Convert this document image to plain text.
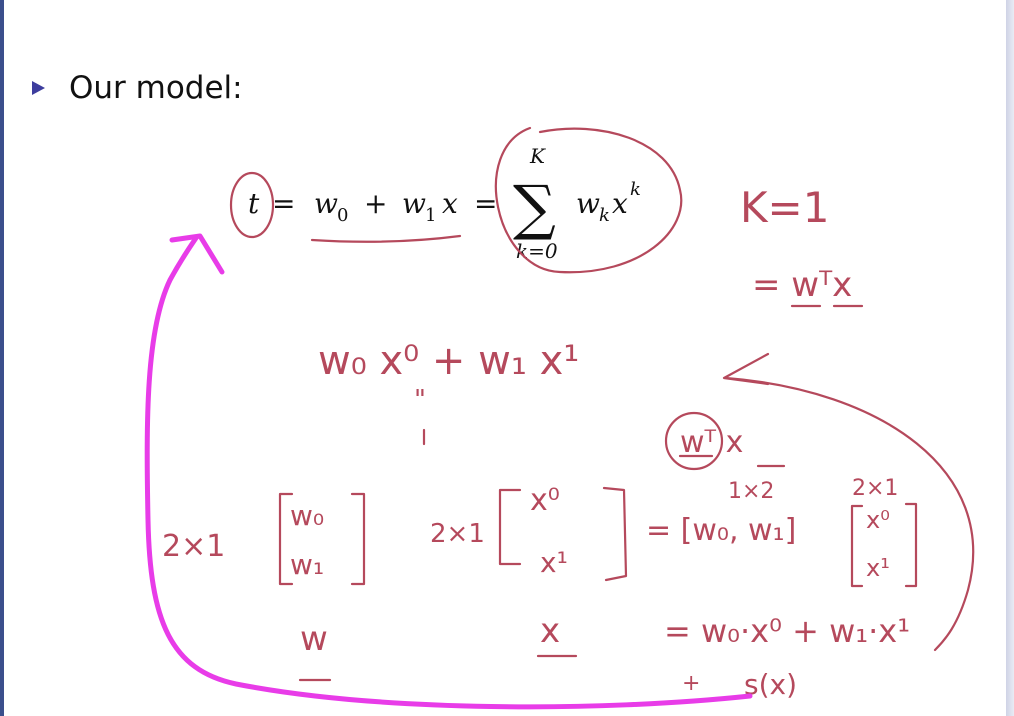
Our model:
t = w 0 + w 1 x =
K
∑
k=0
w k x k K=1
= wᵀx
w₀ x⁰ + w₁ x¹
"
wᵀ x
2×1
w₀
w₁
w
2×1
x⁰
x¹
x
1×2
= [w₀, w₁]
2×1
x⁰
x¹
= w₀·x⁰ + w₁·x¹
+ s(x)
